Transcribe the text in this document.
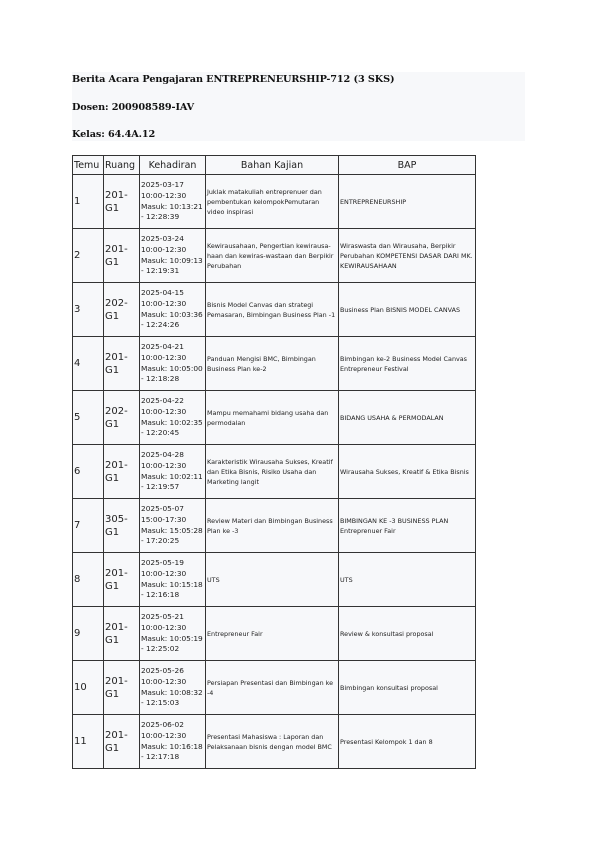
Berita Acara Pengajaran ENTREPRENEURSHIP-712 (3 SKS)
Dosen: 200908589-IAV
Kelas: 64.4A.12
Temu	Ruang	Kehadiran	Bahan Kajian	BAP
1	201-G1	2025-03-17 10:00-12:30 Masuk: 10:13:21 - 12:28:39	Juklak matakuliah entreprenuer dan pembentukan kelompokPemutaran video inspirasi	ENTREPRENEURSHIP
2	201-G1	2025-03-24 10:00-12:30 Masuk: 10:09:13 - 12:19:31	Kewirausahaan, Pengertian kewirausa-haan dan kewiras-wastaan dan Berpikir Perubahan	Wiraswasta dan Wirausaha, Berpikir Perubahan KOMPETENSI DASAR DARI MK. KEWIRAUSAHAAN
3	202-G1	2025-04-15 10:00-12:30 Masuk: 10:03:36 - 12:24:26	Bisnis Model Canvas dan strategi Pemasaran, Bimbingan Business Plan -1	Business Plan BISNIS MODEL CANVAS
4	201-G1	2025-04-21 10:00-12:30 Masuk: 10:05:00 - 12:18:28	Panduan Mengisi BMC, Bimbingan Business Plan ke-2	Bimbingan ke-2 Business Model Canvas Entrepreneur Festival
5	202-G1	2025-04-22 10:00-12:30 Masuk: 10:02:35 - 12:20:45	Mampu memahami bidang usaha dan permodalan	BIDANG USAHA & PERMODALAN
6	201-G1	2025-04-28 10:00-12:30 Masuk: 10:02:11 - 12:19:57	Karakteristik Wirausaha Sukses, Kreatif dan Etika Bisnis, Risiko Usaha dan Marketing langit	Wirausaha Sukses, Kreatif & Etika Bisnis
7	305-G1	2025-05-07 15:00-17:30 Masuk: 15:05:28 - 17:20:25	Review Materi dan Bimbingan Business Plan ke -3	BIMBINGAN KE -3 BUSINESS PLAN Entreprenuer Fair
8	201-G1	2025-05-19 10:00-12:30 Masuk: 10:15:18 - 12:16:18	UTS	UTS
9	201-G1	2025-05-21 10:00-12:30 Masuk: 10:05:19 - 12:25:02	Entrepreneur Fair	Review & konsultasi proposal
10	201-G1	2025-05-26 10:00-12:30 Masuk: 10:08:32 - 12:15:03	Persiapan Presentasi dan Bimbingan ke -4	Bimbingan konsultasi proposal
11	201-G1	2025-06-02 10:00-12:30 Masuk: 10:16:18 - 12:17:18	Presentasi Mahasiswa : Laporan dan Pelaksanaan bisnis dengan model BMC	Presentasi Kelompok 1 dan 8
